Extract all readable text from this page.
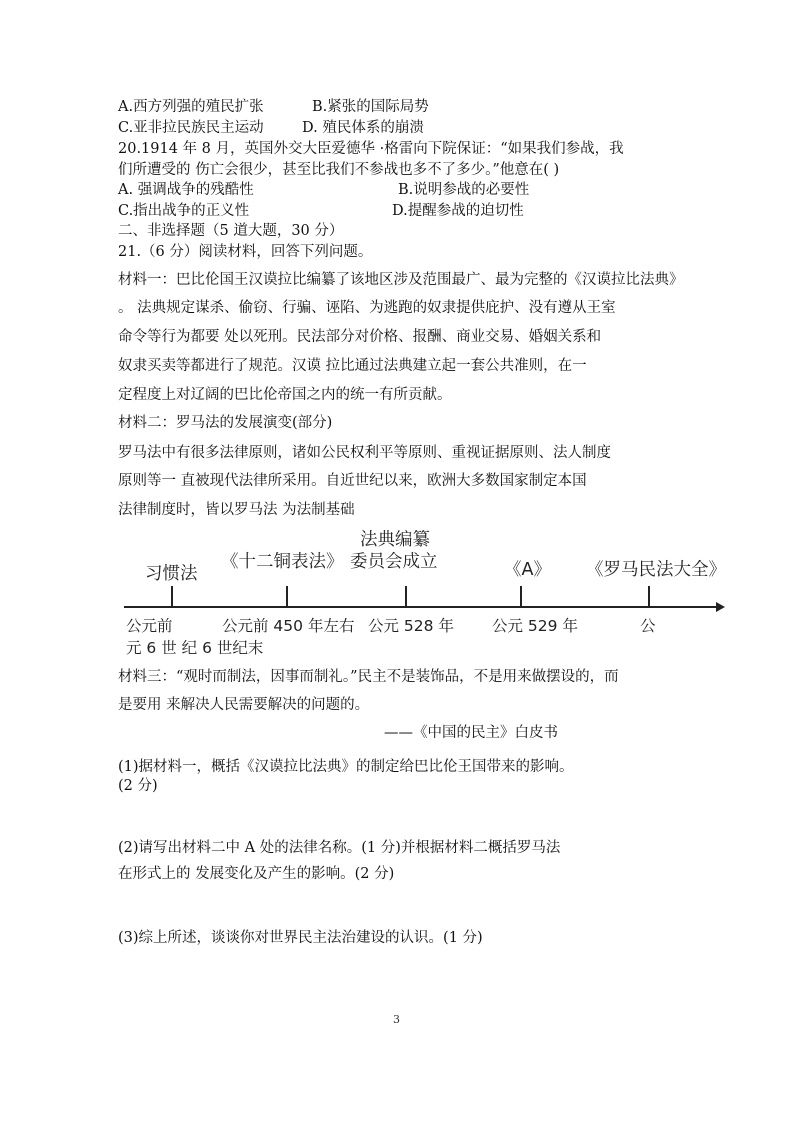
A.西方列强的殖民扩张	B.紧张的国际局势
C.亚非拉民族民主运动	D. 殖民体系的崩溃
20.1914 年 8 月，英国外交大臣爱德华 ·格雷向下院保证：“如果我们参战，我
们所遭受的 伤亡会很少，甚至比我们不参战也多不了多少。”他意在( )
A. 强调战争的残酷性	B.说明参战的必要性
C.指出战争的正义性	D.提醒参战的迫切性
二、非选择题（5 道大题，30 分）
21.（6 分）阅读材料，回答下列问题。
材料一：巴比伦国王汉谟拉比编纂了该地区涉及范围最广、最为完整的《汉谟拉比法典》
。 法典规定谋杀、偷窃、行骗、诬陷、为逃跑的奴隶提供庇护、没有遵从王室
命令等行为都要 处以死刑。民法部分对价格、报酬、商业交易、婚姻关系和
奴隶买卖等都进行了规范。汉谟 拉比通过法典建立起一套公共准则，在一
定程度上对辽阔的巴比伦帝国之内的统一有所贡献。
材料二：罗马法的发展演变(部分)
罗马法中有很多法律原则，诸如公民权利平等原则、重视证据原则、法人制度
原则等一 直被现代法律所采用。自近世纪以来，欧洲大多数国家制定本国
法律制度时，皆以罗马法 为法制基础
法典编纂
委员会成立
习惯法
《十二铜表法》	《A》 《罗马民法大全》
公元前	公元前 450 年左右 公元 528 年 公元 529 年	公
元 6 世 纪 6 世纪末
材料三：“观时而制法，因事而制礼。”民主不是装饰品，不是用来做摆设的，而
是要用 来解决人民需要解决的问题的。
——《中国的民主》白皮书
(1)据材料一，概括《汉谟拉比法典》的制定给巴比伦王国带来的影响。
(2 分)
(2)请写出材料二中 A 处的法律名称。(1 分)并根据材料二概括罗马法
在形式上的 发展变化及产生的影响。(2 分)
(3)综上所述，谈谈你对世界民主法治建设的认识。(1 分)
3
